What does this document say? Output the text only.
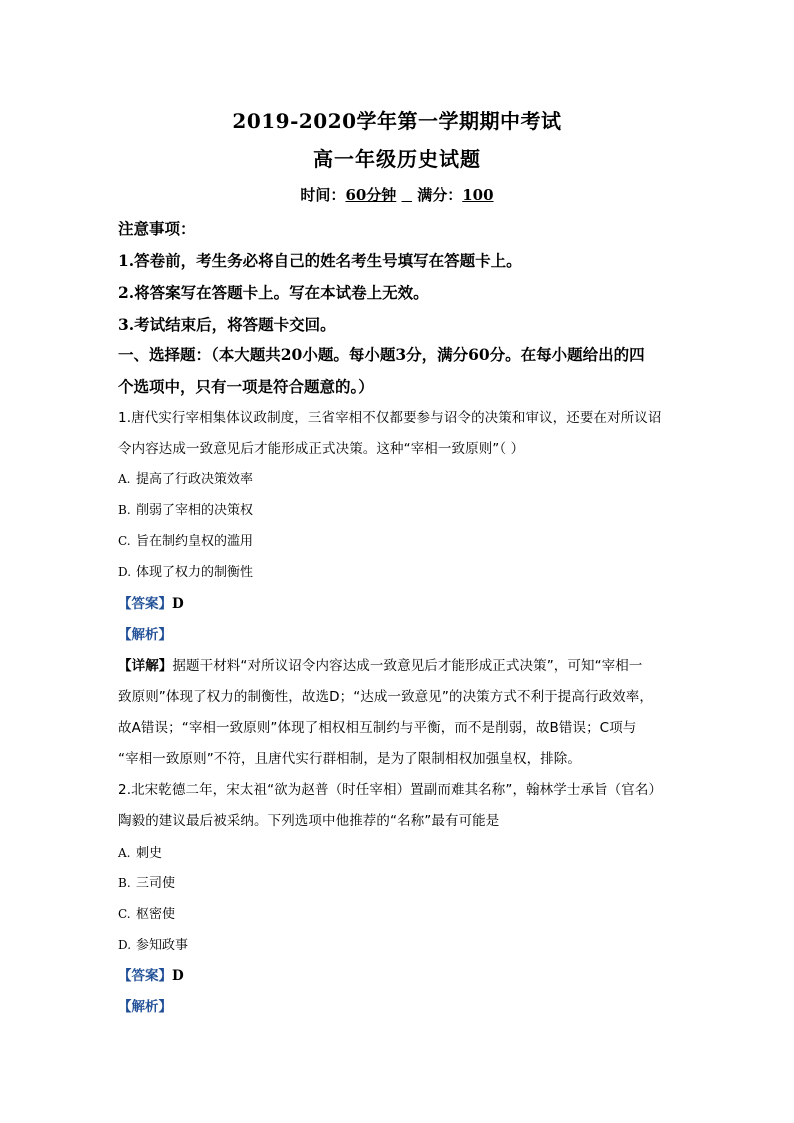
2019-2020学年第一学期期中考试
高一年级历史试题
时间：60分钟 满分：100
注意事项：
1.答卷前，考生务必将自己的姓名考生号填写在答题卡上。
2.将答案写在答题卡上。写在本试卷上无效。
3.考试结束后，将答题卡交回。
一、选择题：（本大题共20小题。每小题3分，满分60分。在每小题给出的四
个选项中，只有一项是符合题意的。）
1.唐代实行宰相集体议政制度，三省宰相不仅都要参与诏令的决策和审议，还要在对所议诏
令内容达成一致意见后才能形成正式决策。这种“宰相一致原则”（ ）
A. 提高了行政决策效率
B. 削弱了宰相的决策权
C. 旨在制约皇权的滥用
D. 体现了权力的制衡性
【答案】D
【解析】
【详解】据题干材料“对所议诏令内容达成一致意见后才能形成正式决策”，可知“宰相一
致原则”体现了权力的制衡性，故选D；“达成一致意见”的决策方式不利于提高行政效率，
故A错误；“宰相一致原则”体现了相权相互制约与平衡，而不是削弱，故B错误；C项与
“宰相一致原则”不符，且唐代实行群相制，是为了限制相权加强皇权，排除。
2.北宋乾德二年，宋太祖“欲为赵普（时任宰相）置副而难其名称”，翰林学士承旨（官名）
陶毅的建议最后被采纳。下列选项中他推荐的“名称”最有可能是
A. 刺史
B. 三司使
C. 枢密使
D. 参知政事
【答案】D
【解析】
